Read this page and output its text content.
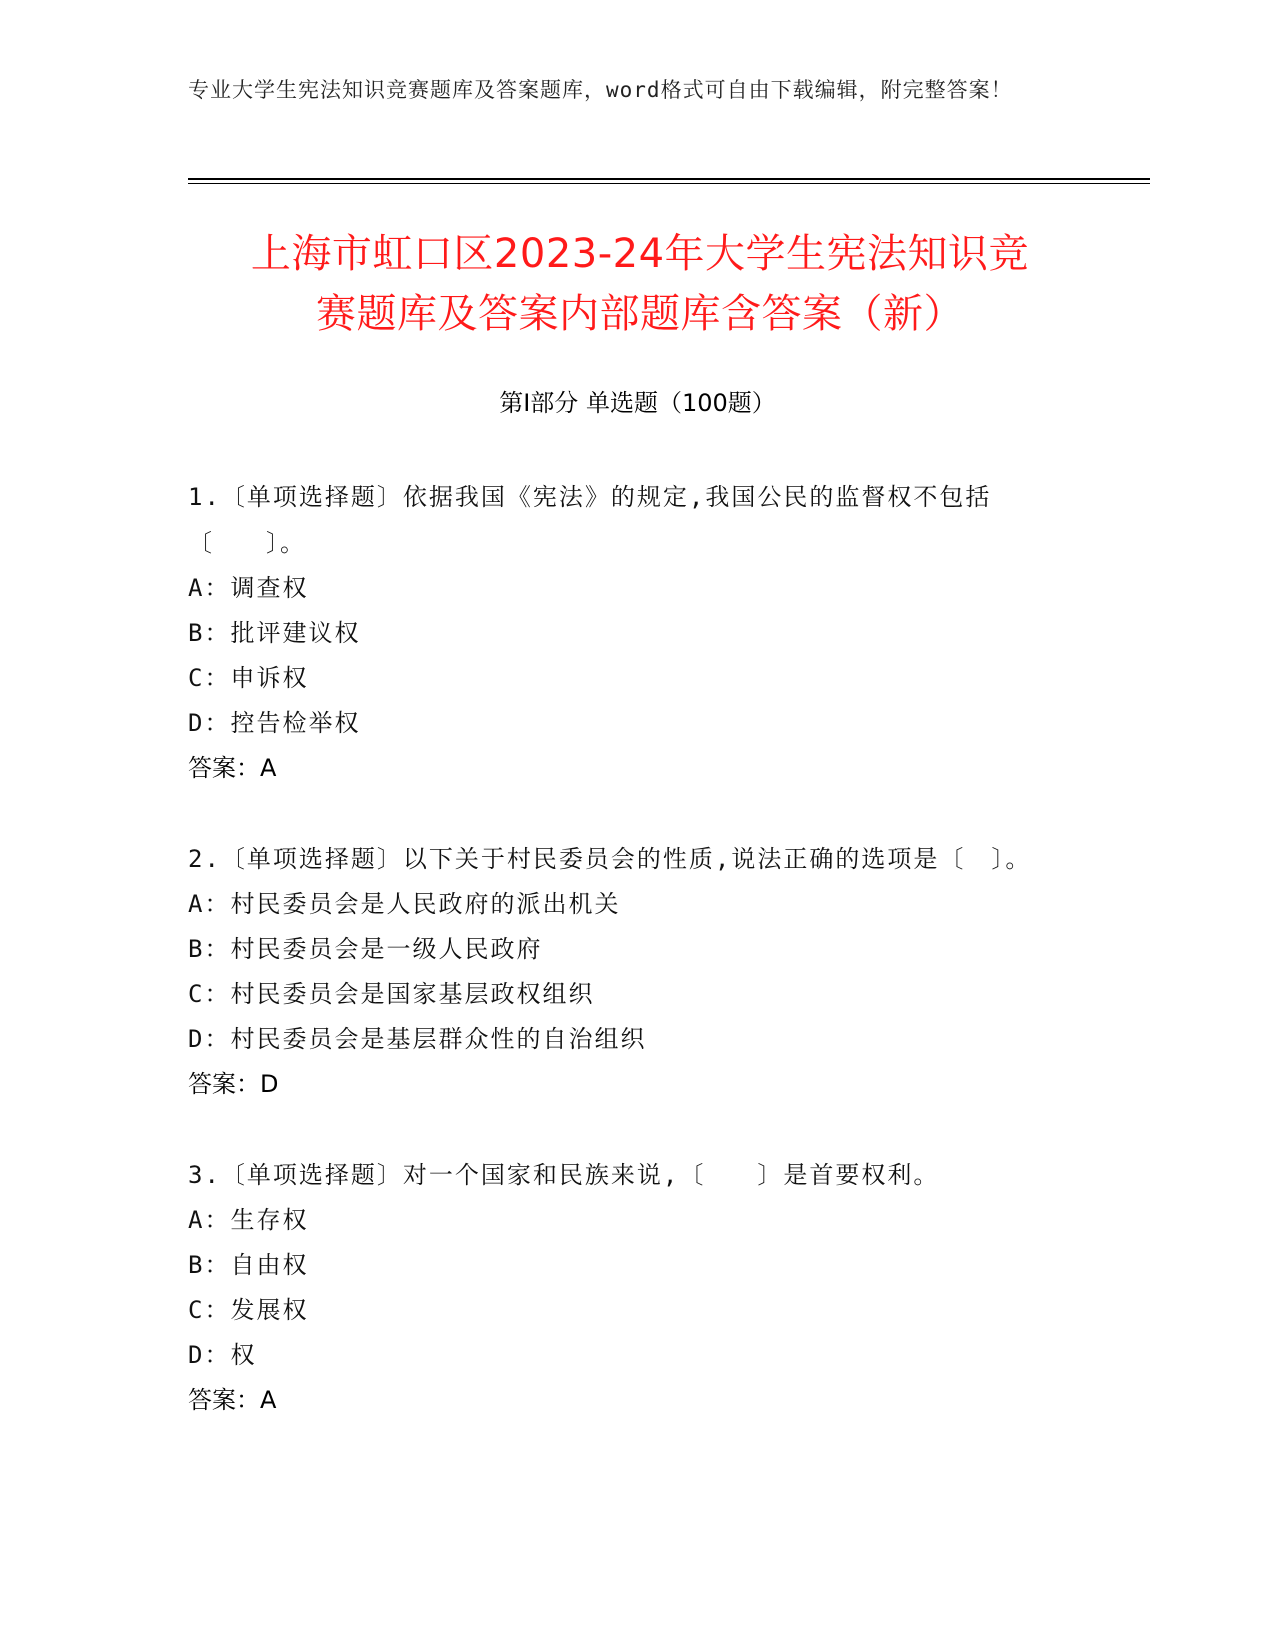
专业大学生宪法知识竞赛题库及答案题库，word格式可自由下载编辑，附完整答案！
上海市虹口区2023-24年大学生宪法知识竞
赛题库及答案内部题库含答案（新）
第Ⅰ部分 单选题（100题）
1.〔单项选择题〕依据我国《宪法》的规定,我国公民的监督权不包括〔　　〕。
A：调查权
B：批评建议权
C：申诉权
D：控告检举权
答案：A
2.〔单项选择题〕以下关于村民委员会的性质,说法正确的选项是〔　〕。
A：村民委员会是人民政府的派出机关
B：村民委员会是一级人民政府
C：村民委员会是国家基层政权组织
D：村民委员会是基层群众性的自治组织
答案：D
3.〔单项选择题〕对一个国家和民族来说,〔　　〕是首要权利。
A：生存权
B：自由权
C：发展权
D：权
答案：A
